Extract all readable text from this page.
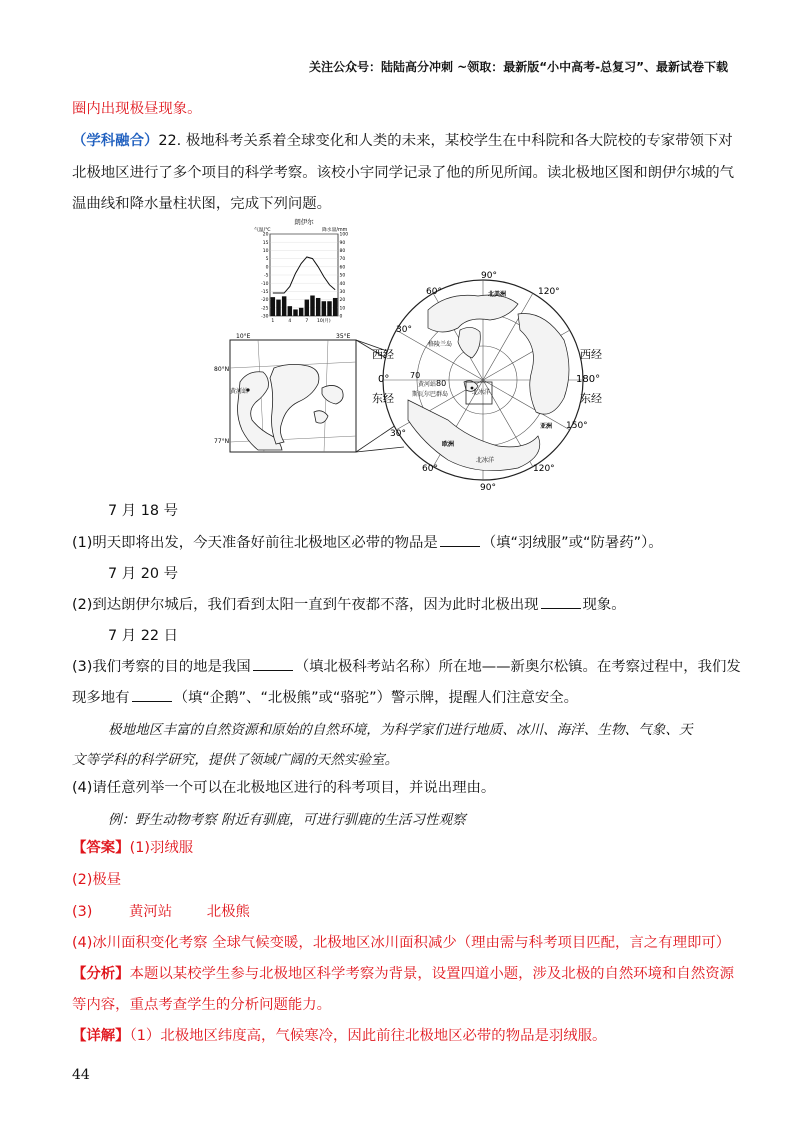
关注公众号：陆陆高分冲刺 ~领取：最新版“小中高考-总复习”、最新试卷下载
圈内出现极昼现象。
（学科融合）22. 极地科考关系着全球变化和人类的未来，某校学生在中科院和各大院校的专家带领下对
北极地区进行了多个项目的科学考察。该校小宇同学记录了他的所见所闻。读北极地区图和朗伊尔城的气
温曲线和降水量柱状图，完成下列问题。
朗伊尔
气温/℃	降水量/mm
20
15
10
5
0
-5
-10
-15
-20
-25
-30
100
90
80
70
60
50
40
30
20
10
0
1	4	7 10(月)
10°E	35°E
80°N
77°N
黄河站
90°
120°
60°
30°
150°
90°
60°	120°
30°
西经
0°
东经
西经
180°
东经
70
80
北美洲
格陵兰岛
黄河站
斯瓦尔巴群岛	北冰洋
欧洲
亚洲
北冰洋
7 月 18 号
(1)明天即将出发，今天准备好前往北极地区必带的物品是	（填“羽绒服”或“防暑药”）。
7 月 20 号
(2)到达朗伊尔城后，我们看到太阳一直到午夜都不落，因为此时北极出现	现象。
7 月 22 日
(3)我们考察的目的地是我国	（填北极科考站名称）所在地——新奥尔松镇。在考察过程中，我们发
现多地有	（填“企鹅”、“北极熊”或“骆驼”）警示牌，提醒人们注意安全。
极地地区丰富的自然资源和原始的自然环境，为科学家们进行地质、冰川、海洋、生物、气象、天
文等学科的科学研究，提供了领域广阔的天然实验室。
(4)请任意列举一个可以在北极地区进行的科考项目，并说出理由。
例：野生动物考察 附近有驯鹿，可进行驯鹿的生活习性观察
【答案】(1)羽绒服
(2)极昼
(3)	黄河站 北极熊
(4)冰川面积变化考察 全球气候变暖，北极地区冰川面积减少（理由需与科考项目匹配，言之有理即可）
【分析】本题以某校学生参与北极地区科学考察为背景，设置四道小题，涉及北极的自然环境和自然资源
等内容，重点考查学生的分析问题能力。
【详解】（1）北极地区纬度高，气候寒冷，因此前往北极地区必带的物品是羽绒服。
44
